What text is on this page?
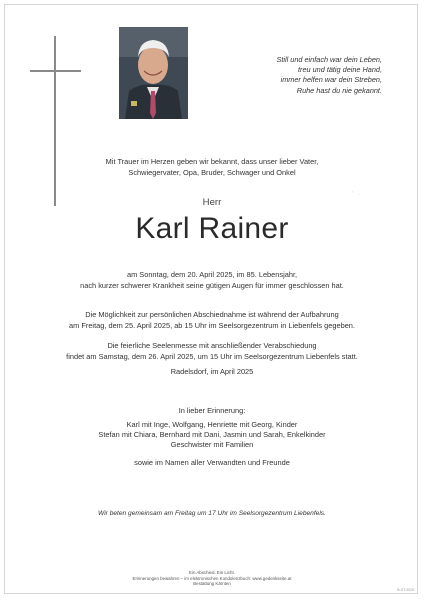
Still und einfach war dein Leben,
treu und tätig deine Hand,
immer helfen war dein Streben,
Ruhe hast du nie gekannt.
˙  ·
Mit Trauer im Herzen geben wir bekannt, dass unser lieber Vater,
Schwiegervater, Opa, Bruder, Schwager und Onkel
Herr
Karl Rainer
am Sonntag, dem 20. April 2025, im 85. Lebensjahr,
nach kurzer schwerer Krankheit seine gütigen Augen für immer geschlossen hat.
Die Möglichkeit zur persönlichen Abschiednahme ist während der Aufbahrung
am Freitag, dem 25. April 2025, ab 15 Uhr im Seelsorgezentrum in Liebenfels gegeben.
Die feierliche Seelenmesse mit anschließender Verabschiedung
findet am Samstag, dem 26. April 2025, um 15 Uhr im Seelsorgezentrum Liebenfels statt.
Radelsdorf, im April 2025
In lieber Erinnerung:
Karl mit Inge, Wolfgang, Henriette mit Georg, Kinder
Stefan mit Chiara, Bernhard mit Dani, Jasmin und Sarah, Enkelkinder
Geschwister mit Familien
sowie im Namen aller Verwandten und Freunde
Wir beten gemeinsam am Freitag um 17 Uhr im Seelsorgezentrum Liebenfels.
Ein Abschied. Ein Licht.
Erinnerungen bewahren – im elektronischen Kondolenzbuch: www.gedenkseite.at
Bestattung Kärnten
B-ST-0025
